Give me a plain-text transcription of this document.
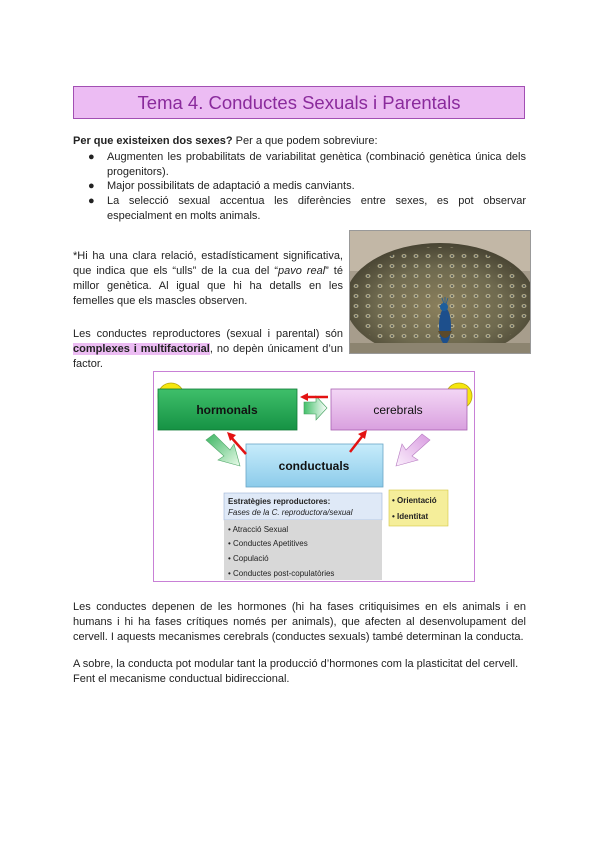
Tema 4. Conductes Sexuals i Parentals
Per que existeixen dos sexes? Per a que podem sobreviure:
● Augmenten les probabilitats de variabilitat genètica (combinació genètica única dels progenitors).
● Major possibilitats de adaptació a medis canviants.
● La selecció sexual accentua les diferències entre sexes, es pot observar especialment en molts animals.
*Hi ha una clara relació, estadísticament significativa, que indica que els “ulls” de la cua del “pavo real” té millor genètica. Al igual que hi ha detalls en les femelles que els mascles observen.
Les conductes reproductores (sexual i parental) són complexes i multifactorial, no depèn únicament d’un factor.
hormonals	cerebrals
conductuals
Estratègies reproductores:
Fases de la C. reproductora/sexual
• Atracció Sexual
• Conductes Apetitives
• Copulació
• Conductes post-copulatòries
• Orientació
• Identitat
Les conductes depenen de les hormones (hi ha fases critiquisimes en els animals i en humans i hi ha fases crítiques només per animals), que afecten al desenvolupament del cervell. I aquests mecanismes cerebrals (conductes sexuals) també determinan la conducta.
A sobre, la conducta pot modular tant la producció d’hormones com la plasticitat del cervell. Fent el mecanisme conductual bidireccional.
